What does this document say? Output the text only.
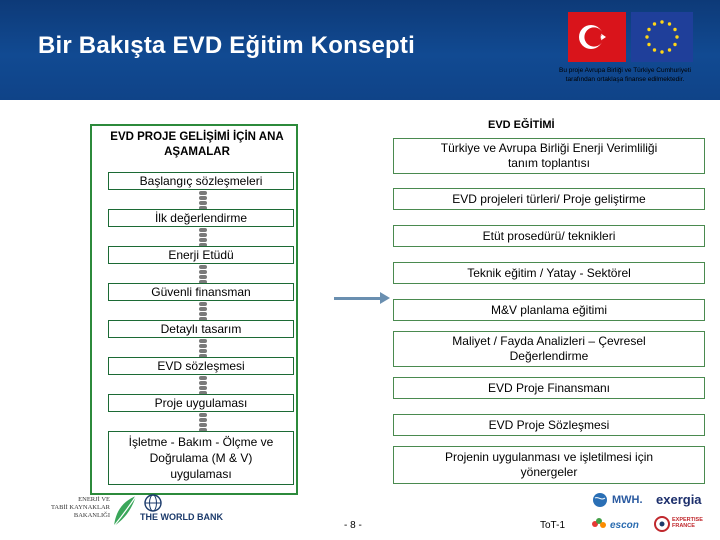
Bir Bakışta EVD Eğitim Konsepti
Bu proje Avrupa Birliği ve Türkiye Cumhuriyeti
tarafından ortaklaşa finanse edilmektedir.
EVD EĞİTİMİ
EVD PROJE GELİŞİMİ İÇİN ANA
AŞAMALAR
Başlangıç sözleşmeleri
İlk değerlendirme
Enerji Etüdü
Güvenli finansman
Detaylı tasarım
EVD sözleşmesi
Proje uygulaması
İşletme - Bakım - Ölçme ve
Doğrulama (M & V)
uygulaması
Türkiye ve Avrupa Birliği Enerji Verimliliği
tanım toplantısı
EVD projeleri türleri/ Proje geliştirme
Etüt prosedürü/ teknikleri
Teknik eğitim / Yatay - Sektörel
M&V planlama eğitimi
Maliyet / Fayda Analizleri – Çevresel
Değerlendirme
EVD Proje Finansmanı
EVD Proje Sözleşmesi
Projenin uygulanması ve işletilmesi için
yönergeler
ENERJİ VE
TABİİ KAYNAKLAR
BAKANLIĞI	THE WORLD BANK
- 8 -	ToT-1
MWH. exergia
escon	EXPERTISE
FRANCE
